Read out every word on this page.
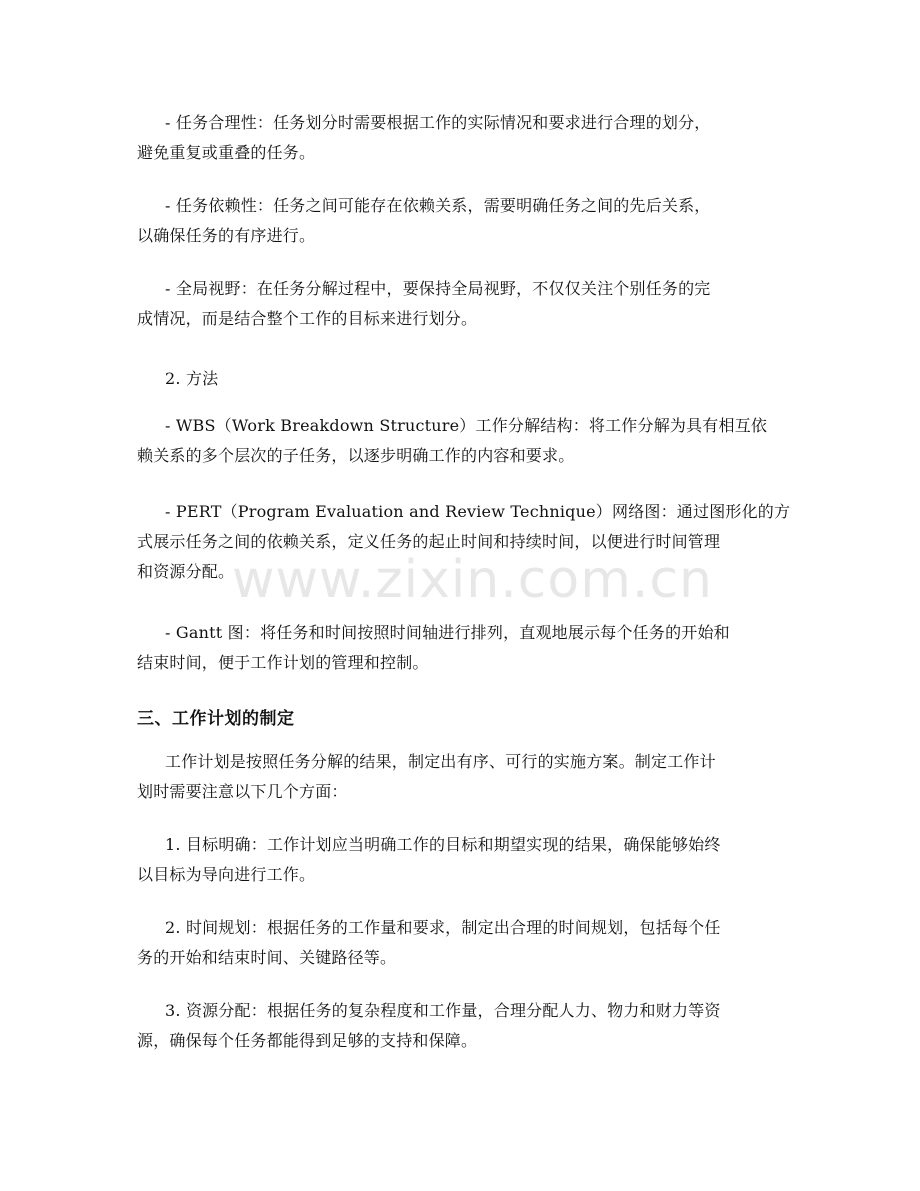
- 任务合理性：任务划分时需要根据工作的实际情况和要求进行合理的划分，
避免重复或重叠的任务。
- 任务依赖性：任务之间可能存在依赖关系，需要明确任务之间的先后关系，
以确保任务的有序进行。
- 全局视野：在任务分解过程中，要保持全局视野，不仅仅关注个别任务的完
成情况，而是结合整个工作的目标来进行划分。
2. 方法
- WBS（Work Breakdown Structure）工作分解结构：将工作分解为具有相互依
赖关系的多个层次的子任务，以逐步明确工作的内容和要求。
- PERT（Program Evaluation and Review Technique）网络图：通过图形化的方
式展示任务之间的依赖关系，定义任务的起止时间和持续时间，以便进行时间管理
和资源分配。
- Gantt 图：将任务和时间按照时间轴进行排列，直观地展示每个任务的开始和
结束时间，便于工作计划的管理和控制。
三、工作计划的制定
工作计划是按照任务分解的结果，制定出有序、可行的实施方案。制定工作计
划时需要注意以下几个方面：
1. 目标明确：工作计划应当明确工作的目标和期望实现的结果，确保能够始终
以目标为导向进行工作。
2. 时间规划：根据任务的工作量和要求，制定出合理的时间规划，包括每个任
务的开始和结束时间、关键路径等。
3. 资源分配：根据任务的复杂程度和工作量，合理分配人力、物力和财力等资
源，确保每个任务都能得到足够的支持和保障。
www.zixin.com.cn
